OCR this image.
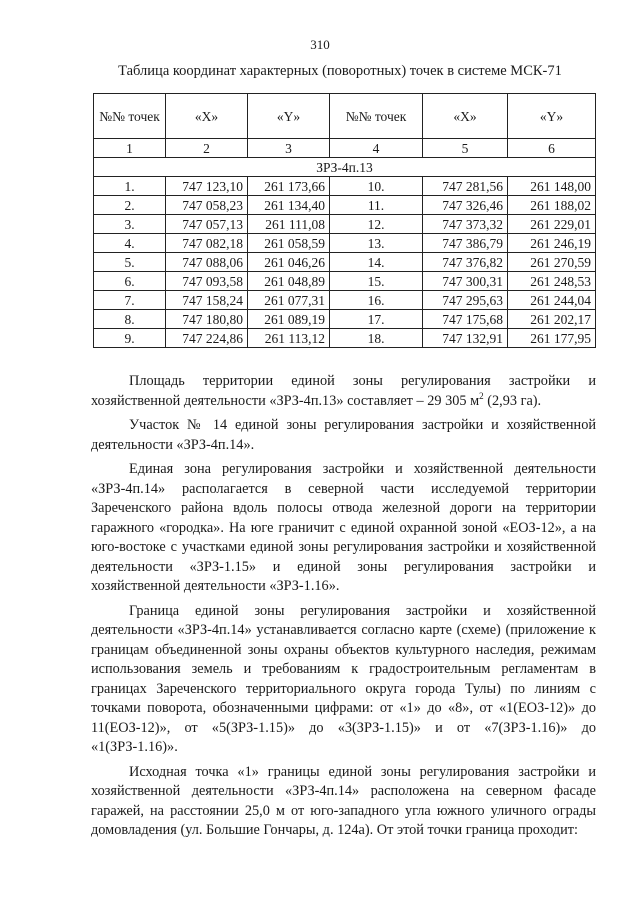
310
Таблица координат характерных (поворотных) точек в системе МСК-71
№№ точек	«X»	«Y»	№№ точек	«X»	«Y»
1	2	3	4	5	6
ЗРЗ-4п.13					
1.	747 123,10	261 173,66	10.	747 281,56	261 148,00
2.	747 058,23	261 134,40	11.	747 326,46	261 188,02
3.	747 057,13	261 111,08	12.	747 373,32	261 229,01
4.	747 082,18	261 058,59	13.	747 386,79	261 246,19
5.	747 088,06	261 046,26	14.	747 376,82	261 270,59
6.	747 093,58	261 048,89	15.	747 300,31	261 248,53
7.	747 158,24	261 077,31	16.	747 295,63	261 244,04
8.	747 180,80	261 089,19	17.	747 175,68	261 202,17
9.	747 224,86	261 113,12	18.	747 132,91	261 177,95

Площадь территории единой зоны регулирования застройки и хозяйственной деятельности «ЗРЗ-4п.13» составляет – 29 305 $м^2$ (2,93 га).

Участок № 14 единой зоны регулирования застройки и хозяйственной деятельности «ЗРЗ-4п.14».

Единая зона регулирования застройки и хозяйственной деятельности «ЗРЗ-4п.14» располагается в северной части исследуемой территории Зареченского района вдоль полосы отвода железной дороги на территории гаражного «городка». На юге граничит с единой охранной зоной «ЕОЗ-12», а на юго-востоке с участками единой зоны регулирования застройки и хозяйственной деятельности «ЗРЗ-1.15» и единой зоны регулирования застройки и хозяйственной деятельности «ЗРЗ-1.16».

Граница единой зоны регулирования застройки и хозяйственной деятельности «ЗРЗ-4п.14» устанавливается согласно карте (схеме) (приложение к границам объединенной зоны охраны объектов культурного наследия, режимам использования земель и требованиям к градостроительным регламентам в границах Зареченского территориального округа города Тулы) по линиям с точками поворота, обозначенными цифрами: от «1» до «8», от «1(ЕОЗ-12)» до 11(ЕОЗ-12)», от «5(ЗРЗ-1.15)» до «3(ЗРЗ-1.15)» и от «7(ЗРЗ-1.16)» до «1(ЗРЗ-1.16)».

Исходная точка «1» границы единой зоны регулирования застройки и хозяйственной деятельности «ЗРЗ-4п.14» расположена на северном фасаде гаражей, на расстоянии 25,0 м от юго-западного угла южного уличного ограды домовладения (ул. Большие Гончары, д. 124а). От этой точки граница проходит:
